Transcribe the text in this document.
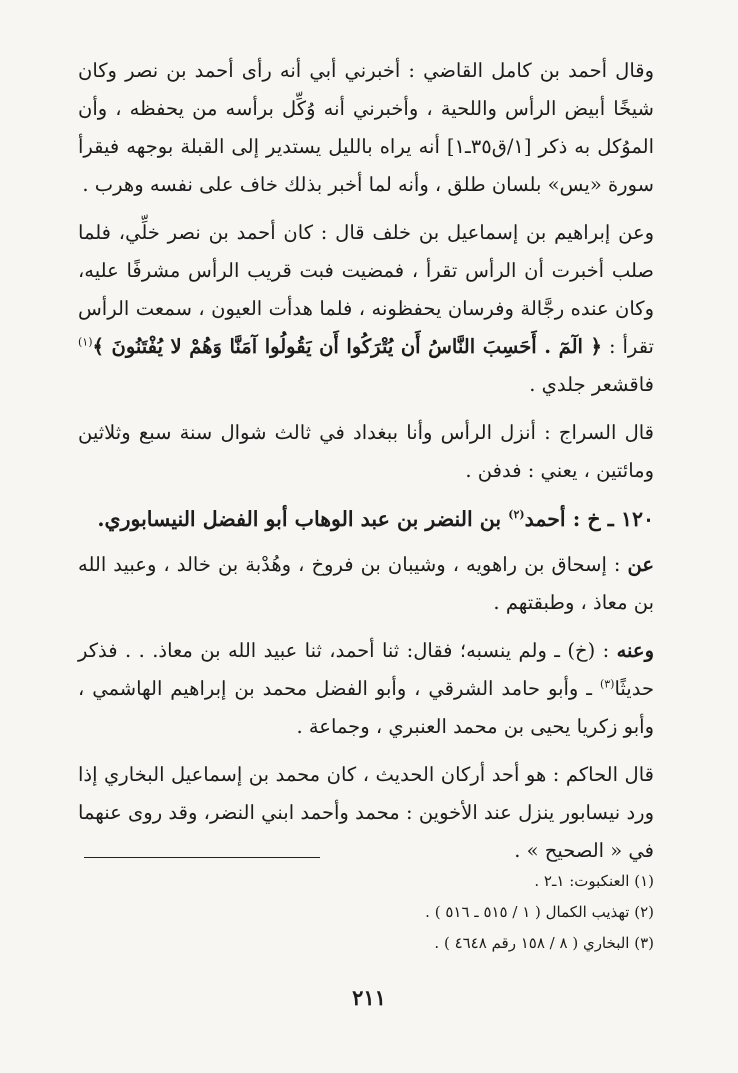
وقال أحمد بن كامل القاضي : أخبرني أبي أنه رأى أحمد بن نصر وكان شيخًا أبيض الرأس واللحية ، وأخبرني أنه وُكِّل برأسه من يحفظه ، وأن الموُكل به ذكر [١/ق٣٥ـ١] أنه يراه بالليل يستدير إلى القبلة بوجهه فيقرأ سورة «يس» بلسان طلق ، وأنه لما أخبر بذلك خاف على نفسه وهرب .

وعن إبراهيم بن إسماعيل بن خلف قال : كان أحمد بن نصر خلِّي، فلما صلب أخبرت أن الرأس تقرأ ، فمضيت فبت قريب الرأس مشرفًا عليه، وكان عنده رجَّالة وفرسان يحفظونه ، فلما هدأت العيون ، سمعت الرأس تقرأ : ﴿ الٓمٓ . أَحَسِبَ النَّاسُ أَن يُتْرَكُوا أَن يَقُولُوا آمَنَّا وَهُمْ لا يُفْتَنُونَ ﴾$^{(١)}$ فاقشعر جلدي .

قال السراج : أنزل الرأس وأنا ببغداد في ثالث شوال سنة سبع وثلاثين ومائتين ، يعني : فدفن .

١٢٠ ـ خ : أحمد$^{(٢)}$ بن النضر بن عبد الوهاب أبو الفضل النيسابوري.

عن : إسحاق بن راهويه ، وشيبان بن فروخ ، وهُدْبة بن خالد ، وعبيد الله بن معاذ ، وطبقتهم .

وعنه : (خ) ـ ولم ينسبه؛ فقال: ثنا أحمد، ثنا عبيد الله بن معاذ. . . فذكر حديثًا$^{(٣)}$ ـ وأبو حامد الشرقي ، وأبو الفضل محمد بن إبراهيم الهاشمي ، وأبو زكريا يحيى بن محمد العنبري ، وجماعة .

قال الحاكم : هو أحد أركان الحديث ، كان محمد بن إسماعيل البخاري إذا ورد نيسابور ينزل عند الأخوين : محمد وأحمد ابني النضر، وقد روى عنهما في « الصحيح » .

(١) العنكبوت: ١ـ٢ .

(٢) تهذيب الكمال ( ١ / ٥١٥ ـ ٥١٦ ) .

(٣) البخاري ( ٨ / ١٥٨ رقم ٤٦٤٨ ) .

٢١١
